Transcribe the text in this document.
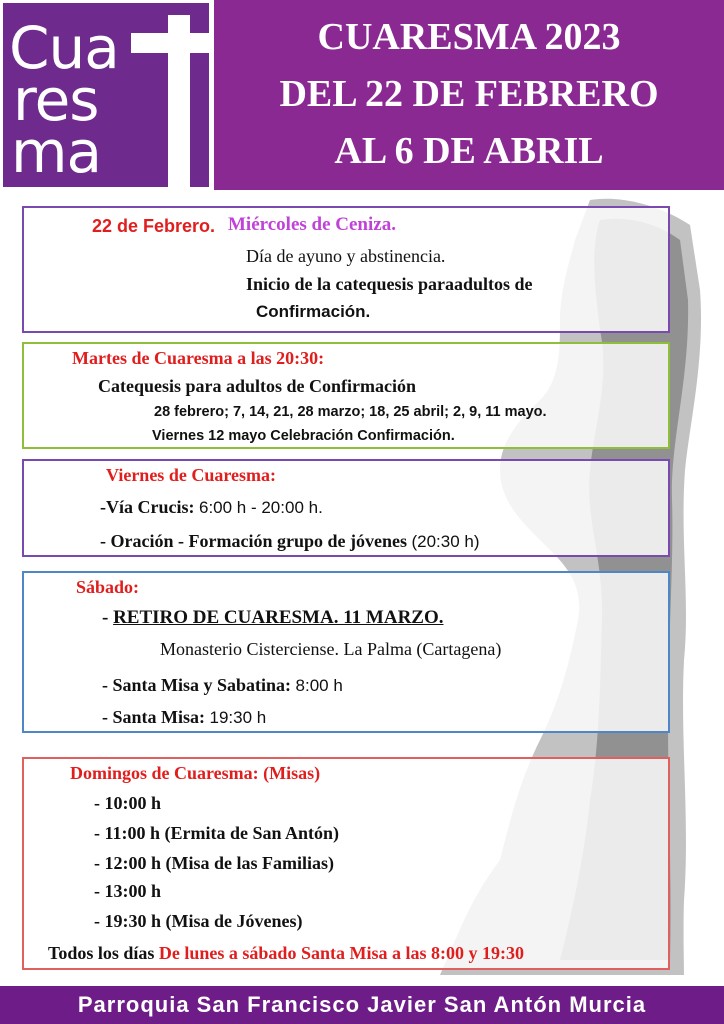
Cua
res
ma
CUARESMA 2023
DEL 22 DE FEBRERO
AL 6 DE ABRIL
22 de Febrero. Miércoles de Ceniza.
Día de ayuno y abstinencia.
Inicio de la catequesis paraadultos de
Confirmación.
Martes de Cuaresma a las 20:30:
Catequesis para adultos de Confirmación
28 febrero; 7, 14, 21, 28 marzo; 18, 25 abril; 2, 9, 11 mayo.
Viernes 12 mayo Celebración Confirmación.
Viernes de Cuaresma:
-Vía Crucis: 6:00 h - 20:00 h.
- Oración - Formación grupo de jóvenes (20:30 h)
Sábado:
- RETIRO DE CUARESMA. 11 MARZO.
Monasterio Cisterciense. La Palma (Cartagena)
- Santa Misa y Sabatina: 8:00 h
- Santa Misa: 19:30 h
Domingos de Cuaresma: (Misas)
- 10:00 h
- 11:00 h (Ermita de San Antón)
- 12:00 h (Misa de las Familias)
- 13:00 h
- 19:30 h (Misa de Jóvenes)
Todos los días De lunes a sábado Santa Misa a las 8:00 y 19:30
Parroquia San Francisco Javier San Antón Murcia
